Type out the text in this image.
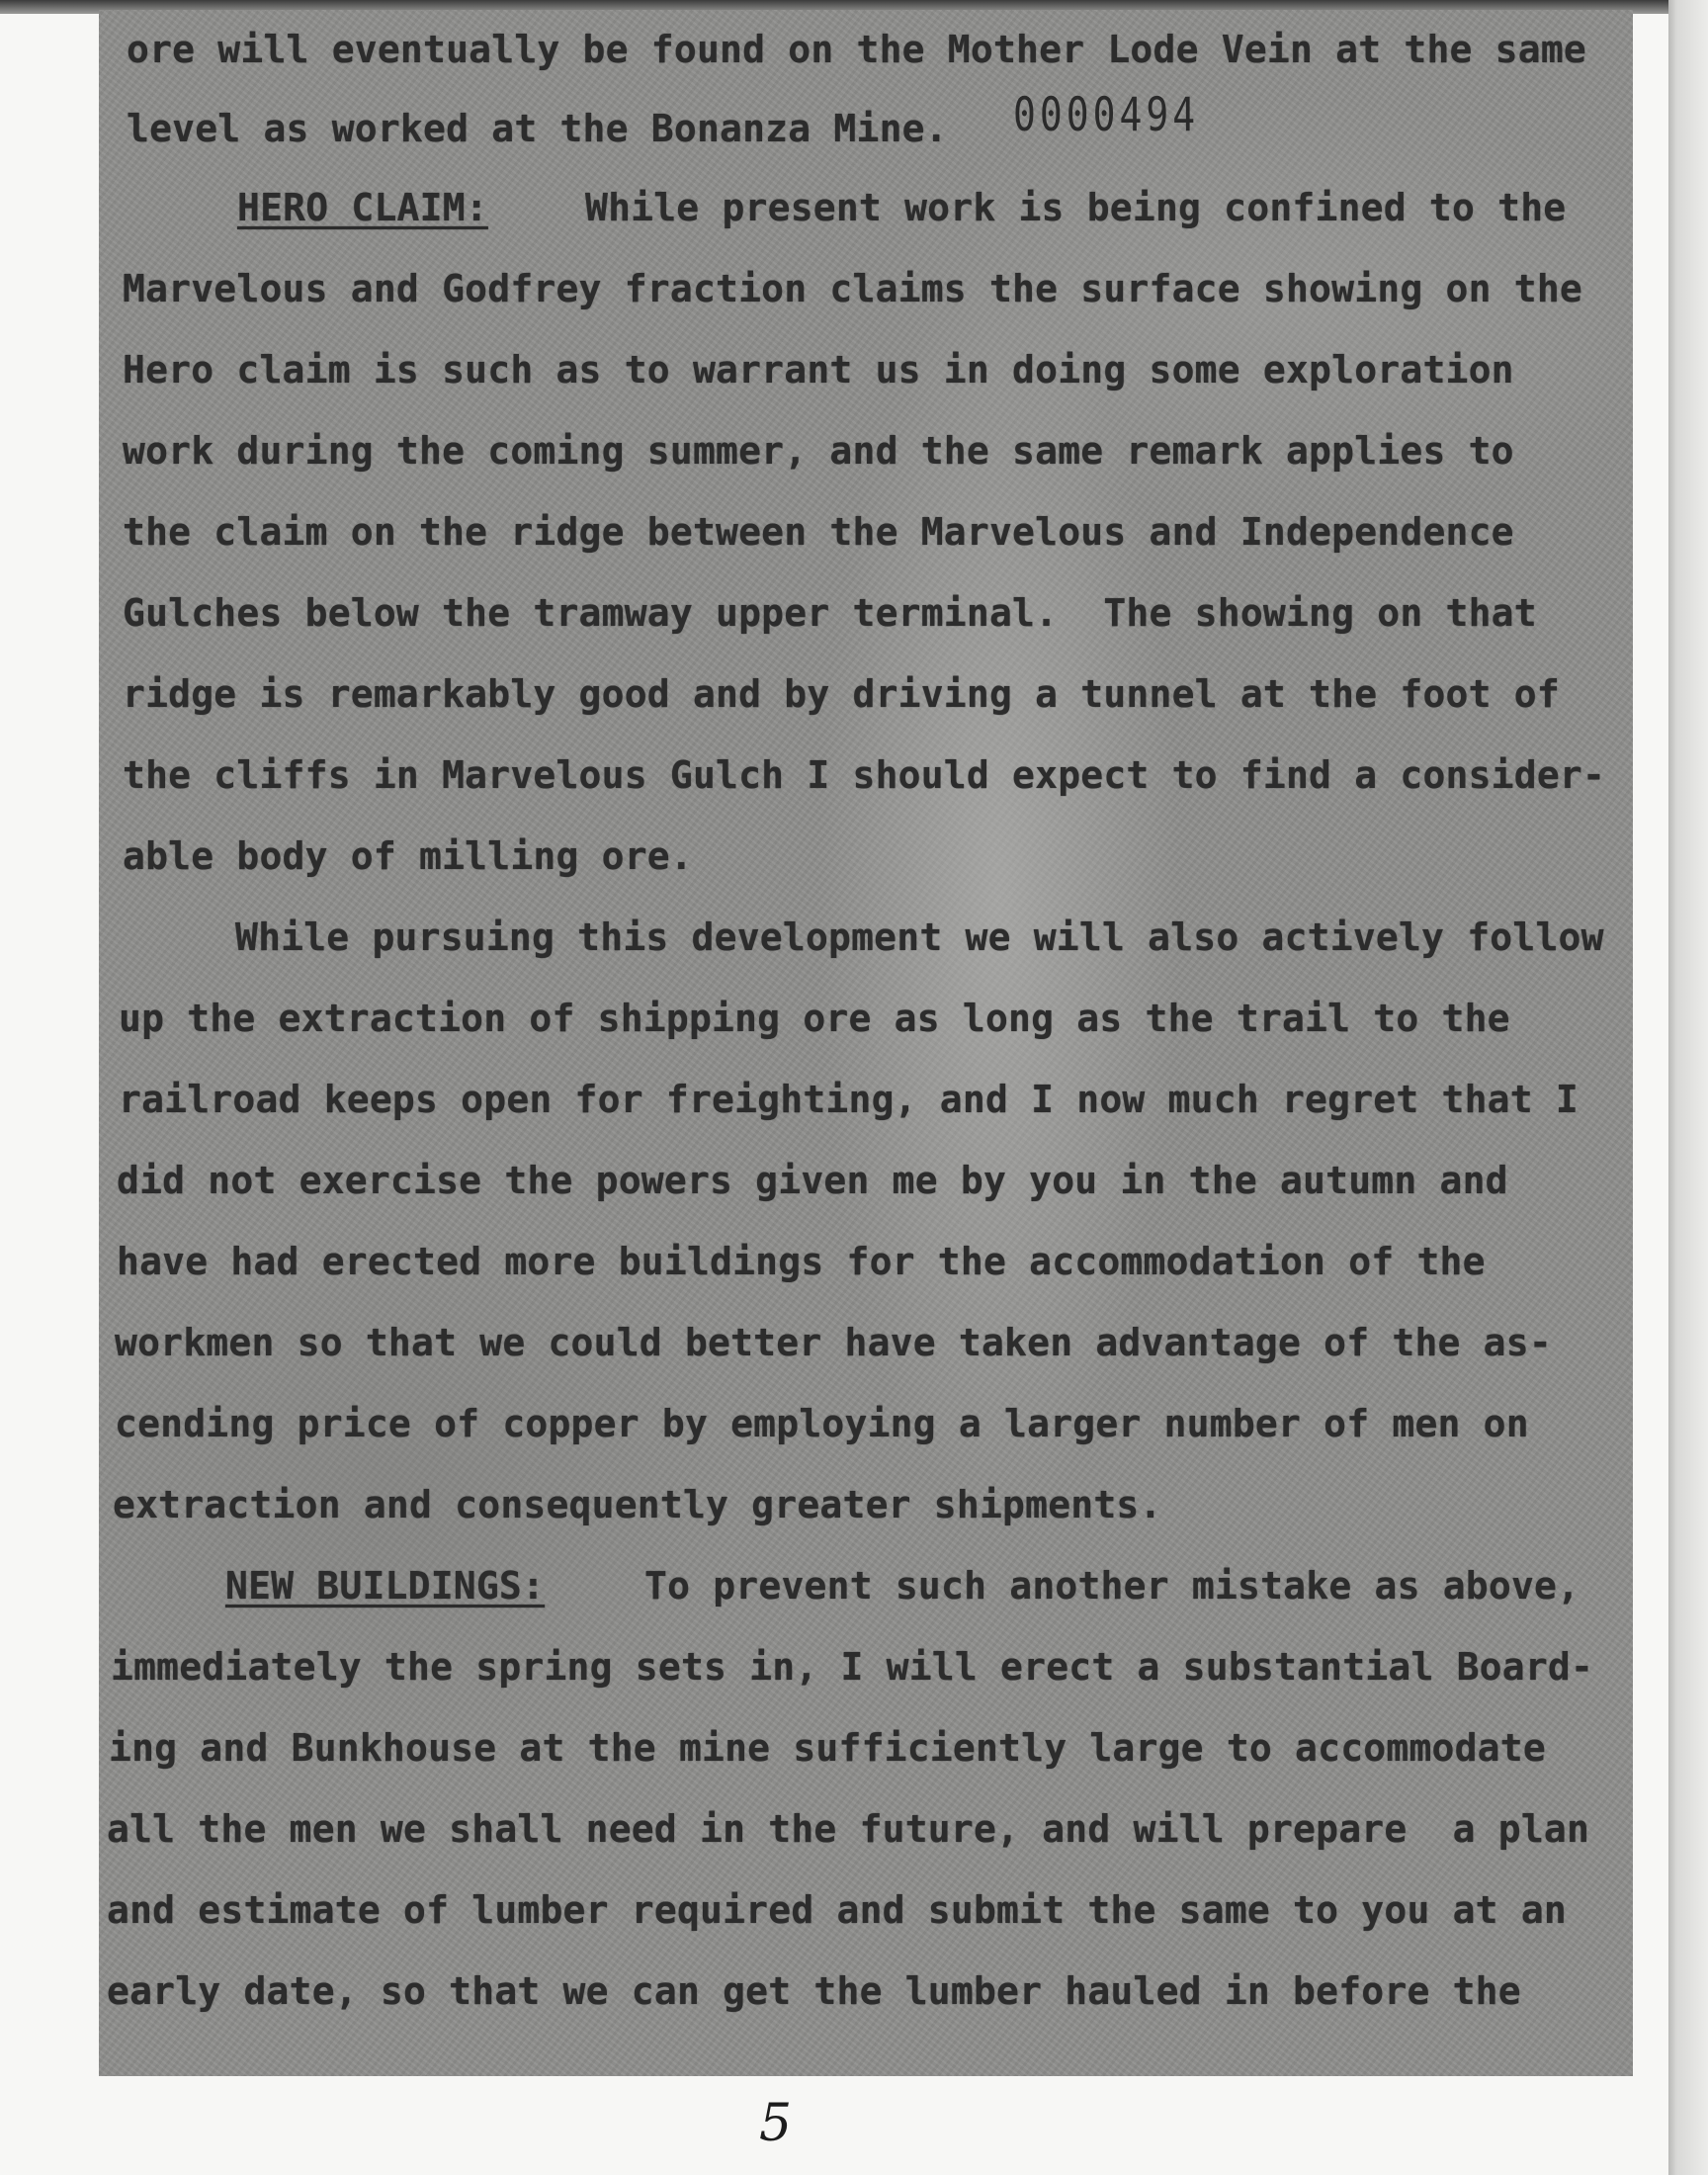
0000494
ore will eventually be found on the Mother Lode Vein at the same
level as worked at the Bonanza Mine.
HERO CLAIM:	While present work is being confined to the
Marvelous and Godfrey fraction claims the surface showing on the
Hero claim is such as to warrant us in doing some exploration
work during the coming summer, and the same remark applies to
the claim on the ridge between the Marvelous and Independence
Gulches below the tramway upper terminal.  The showing on that
ridge is remarkably good and by driving a tunnel at the foot of
the cliffs in Marvelous Gulch I should expect to find a consider-
able body of milling ore.
While pursuing this development we will also actively follow
up the extraction of shipping ore as long as the trail to the
railroad keeps open for freighting, and I now much regret that I
did not exercise the powers given me by you in the autumn and
have had erected more buildings for the accommodation of the
workmen so that we could better have taken advantage of the as-
cending price of copper by employing a larger number of men on
extraction and consequently greater shipments.
NEW BUILDINGS:	To prevent such another mistake as above,
immediately the spring sets in, I will erect a substantial Board-
ing and Bunkhouse at the mine sufficiently large to accommodate
all the men we shall need in the future, and will prepare  a plan
and estimate of lumber required and submit the same to you at an
early date, so that we can get the lumber hauled in before the
5
